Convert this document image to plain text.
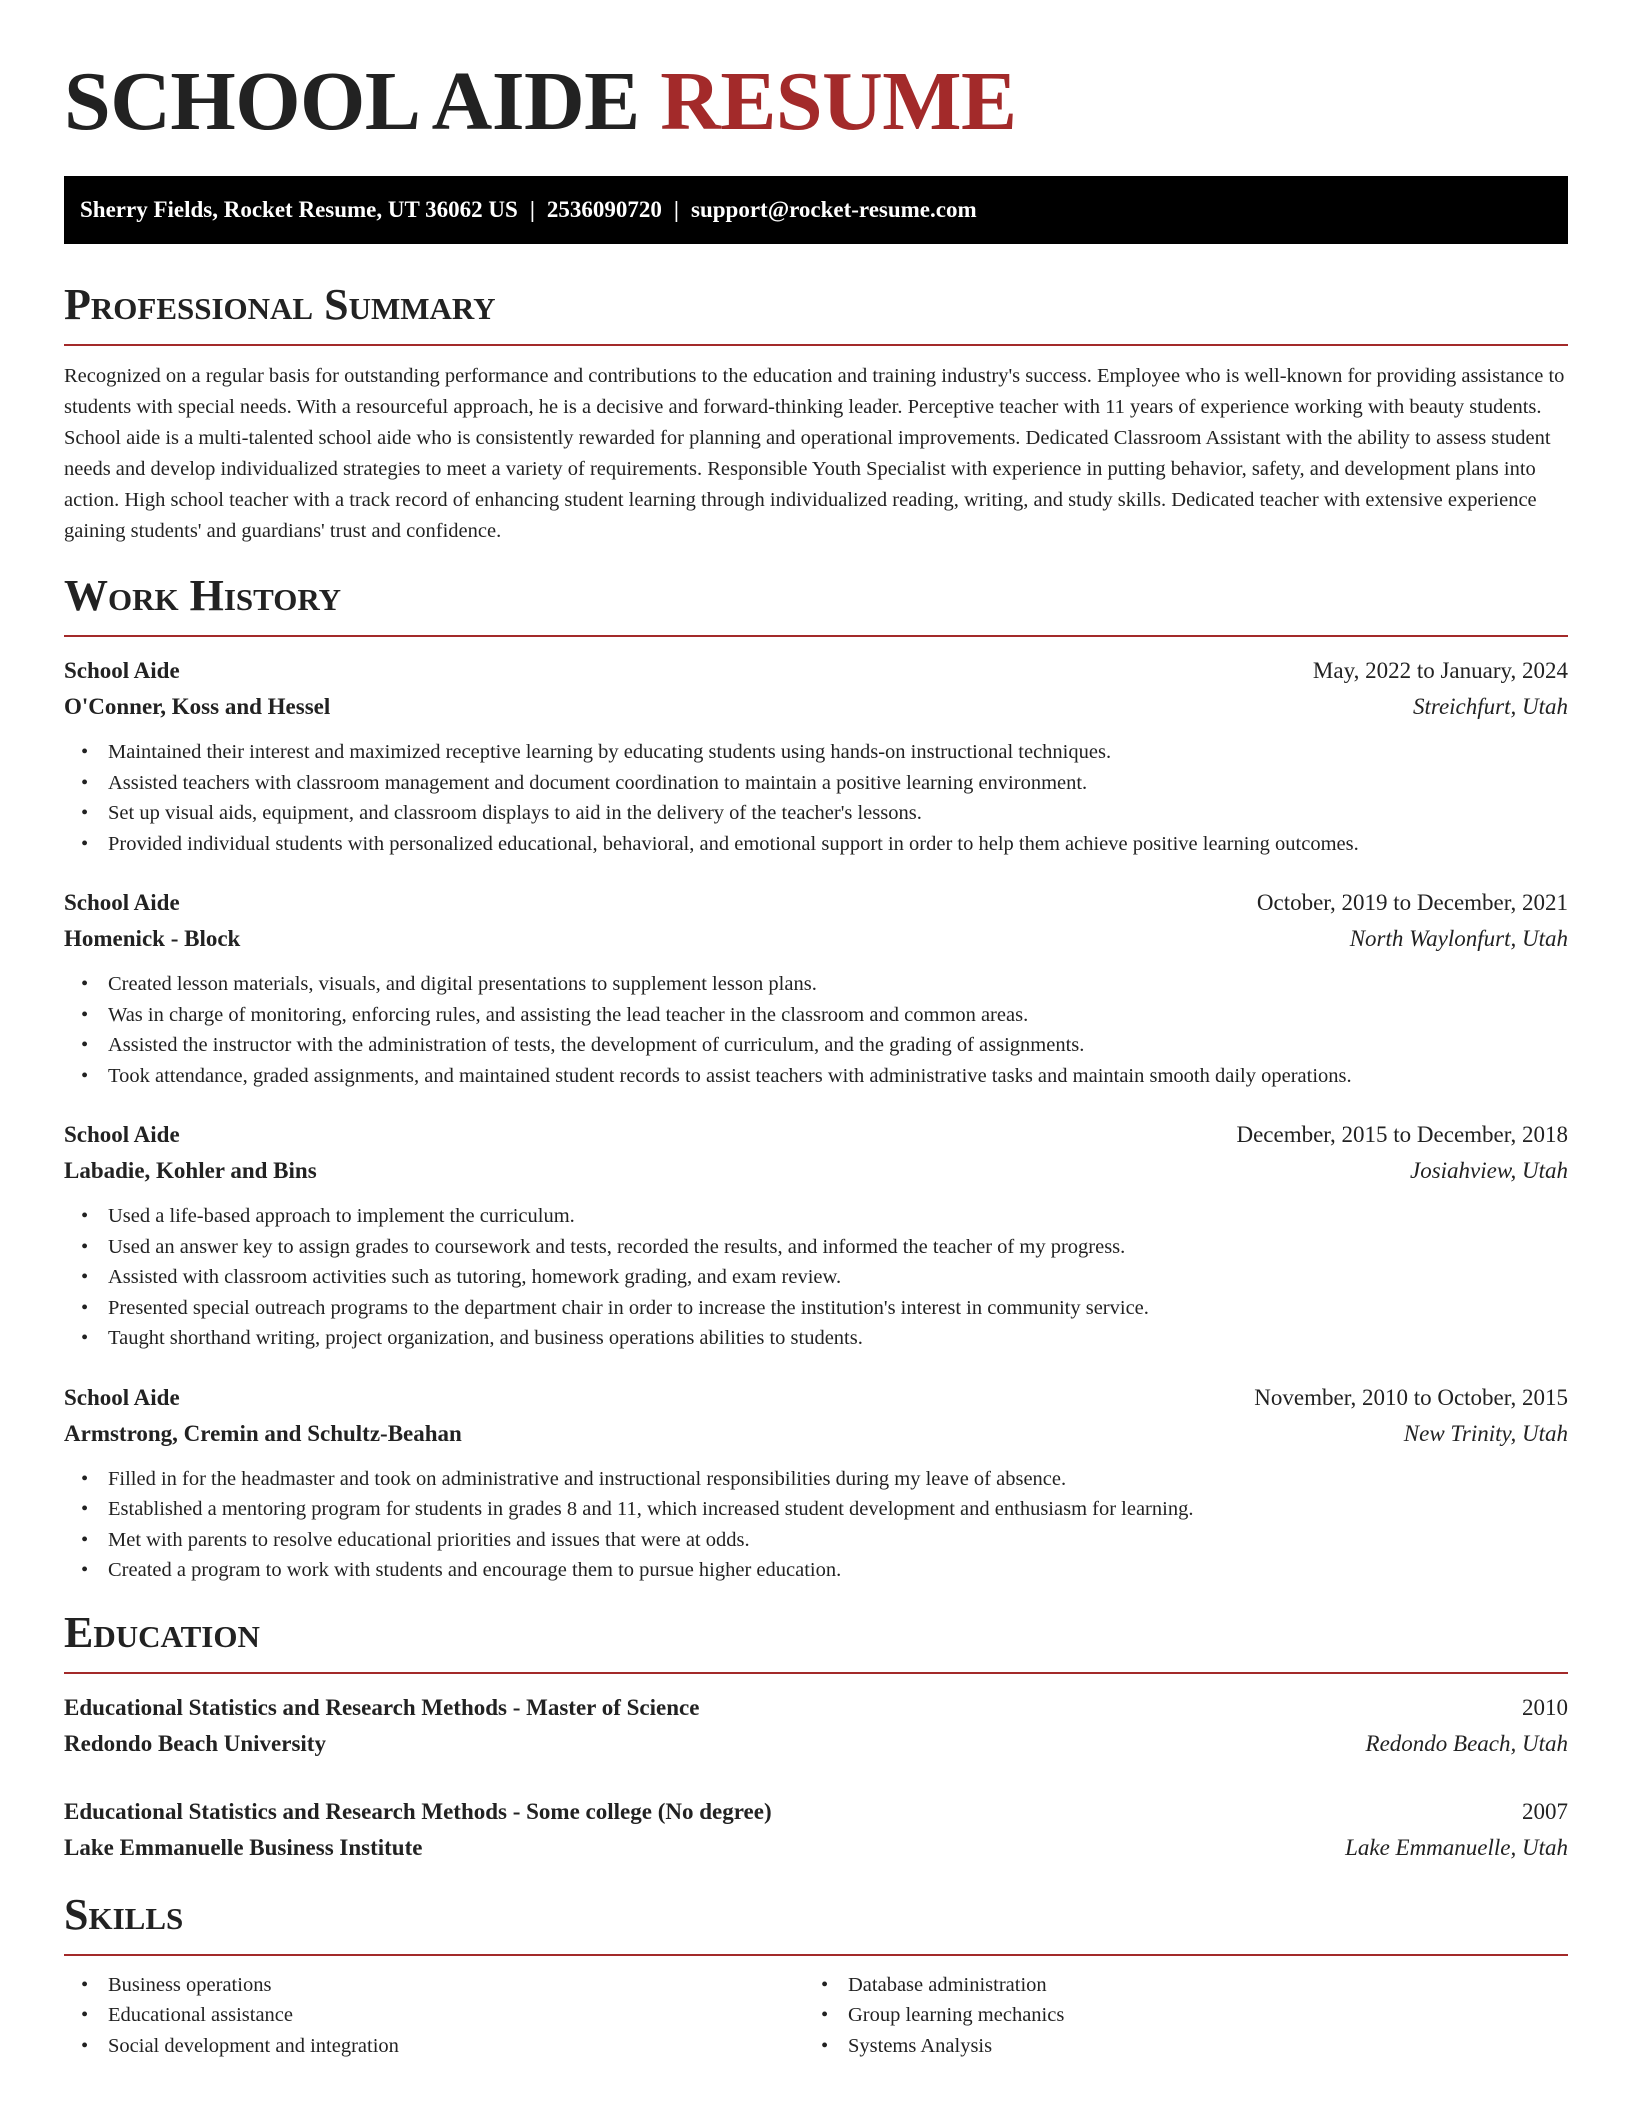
SCHOOL AIDE RESUME
Sherry Fields, Rocket Resume, UT 36062 US | 2536090720 | support@rocket-resume.com
Professional Summary

Recognized on a regular basis for outstanding performance and contributions to the education and training industry's success. Employee who is well-known for providing assistance to students with special needs. With a resourceful approach, he is a decisive and forward-thinking leader. Perceptive teacher with 11 years of experience working with beauty students. School aide is a multi-talented school aide who is consistently rewarded for planning and operational improvements. Dedicated Classroom Assistant with the ability to assess student needs and develop individualized strategies to meet a variety of requirements. Responsible Youth Specialist with experience in putting behavior, safety, and development plans into action. High school teacher with a track record of enhancing student learning through individualized reading, writing, and study skills. Dedicated teacher with extensive experience gaining students' and guardians' trust and confidence.

Work History
School Aide	May, 2022 to January, 2024
O'Conner, Koss and Hessel	Streichfurt, Utah
• Maintained their interest and maximized receptive learning by educating students using hands-on instructional techniques.
• Assisted teachers with classroom management and document coordination to maintain a positive learning environment.
• Set up visual aids, equipment, and classroom displays to aid in the delivery of the teacher's lessons.
• Provided individual students with personalized educational, behavioral, and emotional support in order to help them achieve positive learning outcomes.
School Aide	October, 2019 to December, 2021
Homenick - Block	North Waylonfurt, Utah
• Created lesson materials, visuals, and digital presentations to supplement lesson plans.
• Was in charge of monitoring, enforcing rules, and assisting the lead teacher in the classroom and common areas.
• Assisted the instructor with the administration of tests, the development of curriculum, and the grading of assignments.
• Took attendance, graded assignments, and maintained student records to assist teachers with administrative tasks and maintain smooth daily operations.
School Aide	December, 2015 to December, 2018
Labadie, Kohler and Bins	Josiahview, Utah
• Used a life-based approach to implement the curriculum.
• Used an answer key to assign grades to coursework and tests, recorded the results, and informed the teacher of my progress.
• Assisted with classroom activities such as tutoring, homework grading, and exam review.
• Presented special outreach programs to the department chair in order to increase the institution's interest in community service.
• Taught shorthand writing, project organization, and business operations abilities to students.
School Aide	November, 2010 to October, 2015
Armstrong, Cremin and Schultz-Beahan	New Trinity, Utah
• Filled in for the headmaster and took on administrative and instructional responsibilities during my leave of absence.
• Established a mentoring program for students in grades 8 and 11, which increased student development and enthusiasm for learning.
• Met with parents to resolve educational priorities and issues that were at odds.
• Created a program to work with students and encourage them to pursue higher education.
Education
Educational Statistics and Research Methods - Master of Science	2010
Redondo Beach University	Redondo Beach, Utah
Educational Statistics and Research Methods - Some college (No degree)	2007
Lake Emmanuelle Business Institute	Lake Emmanuelle, Utah
Skills
• Business operations
• Educational assistance
• Social development and integration
• Database administration
• Group learning mechanics
• Systems Analysis
